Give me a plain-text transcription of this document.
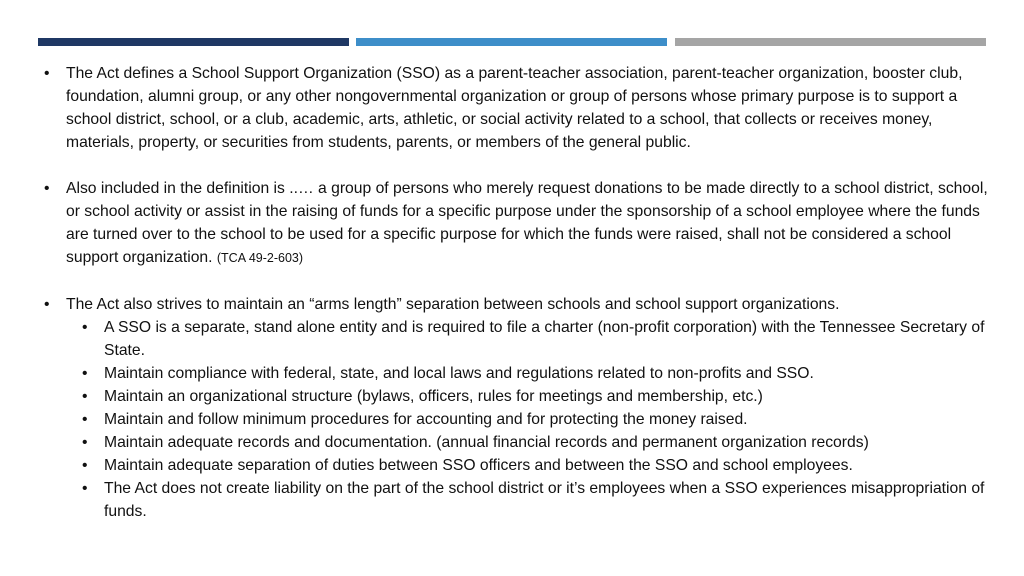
• The Act defines a School Support Organization (SSO) as a parent-teacher association, parent-teacher organization, booster club, foundation, alumni group, or any other nongovernmental organization or group of persons whose primary purpose is to support a school district, school, or a club, academic, arts, athletic, or social activity related to a school, that collects or receives money, materials, property, or securities from students, parents, or members of the general public.
• Also included in the definition is ..… a group of persons who merely request donations to be made directly to a school district, school, or school activity or assist in the raising of funds for a specific purpose under the sponsorship of a school employee where the funds are turned over to the school to be used for a specific purpose for which the funds were raised, shall not be considered a school support organization. (TCA 49-2-603)
• The Act also strives to maintain an “arms length” separation between schools and school support organizations.
• A SSO is a separate, stand alone entity and is required to file a charter (non-profit corporation) with the Tennessee Secretary of State.
• Maintain compliance with federal, state, and local laws and regulations related to non-profits and SSO.
• Maintain an organizational structure (bylaws, officers, rules for meetings and membership, etc.)
• Maintain and follow minimum procedures for accounting and for protecting the money raised.
• Maintain adequate records and documentation. (annual financial records and permanent organization records)
• Maintain adequate separation of duties between SSO officers and between the SSO and school employees.
• The Act does not create liability on the part of the school district or it’s employees when a SSO experiences misappropriation of funds.
